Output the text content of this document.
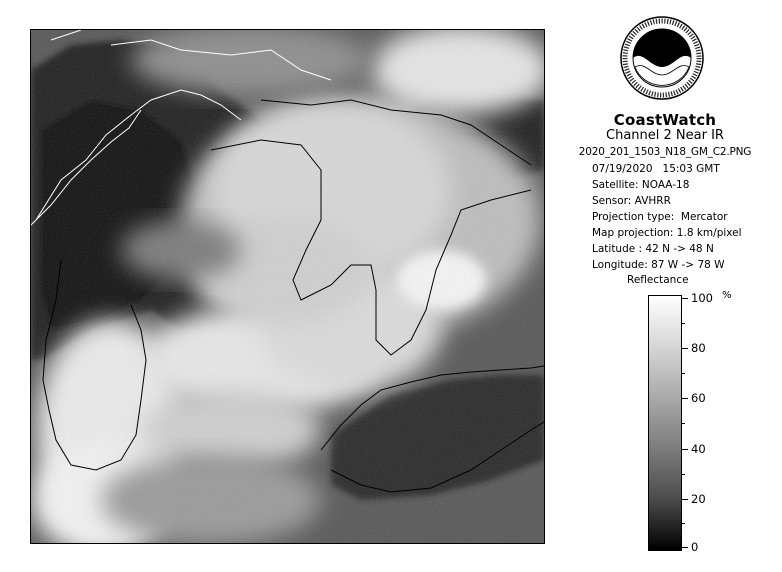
CoastWatch
Channel 2 Near IR
2020_201_1503_N18_GM_C2.PNG
07/19/2020   15:03 GMT
Satellite: NOAA-18
Sensor: AVHRR
Projection type:  Mercator
Map projection: 1.8 km/pixel
Latitude : 42 N -> 48 N
Longitude: 87 W -> 78 W
Reflectance
%
100
80
60
40
20
0
